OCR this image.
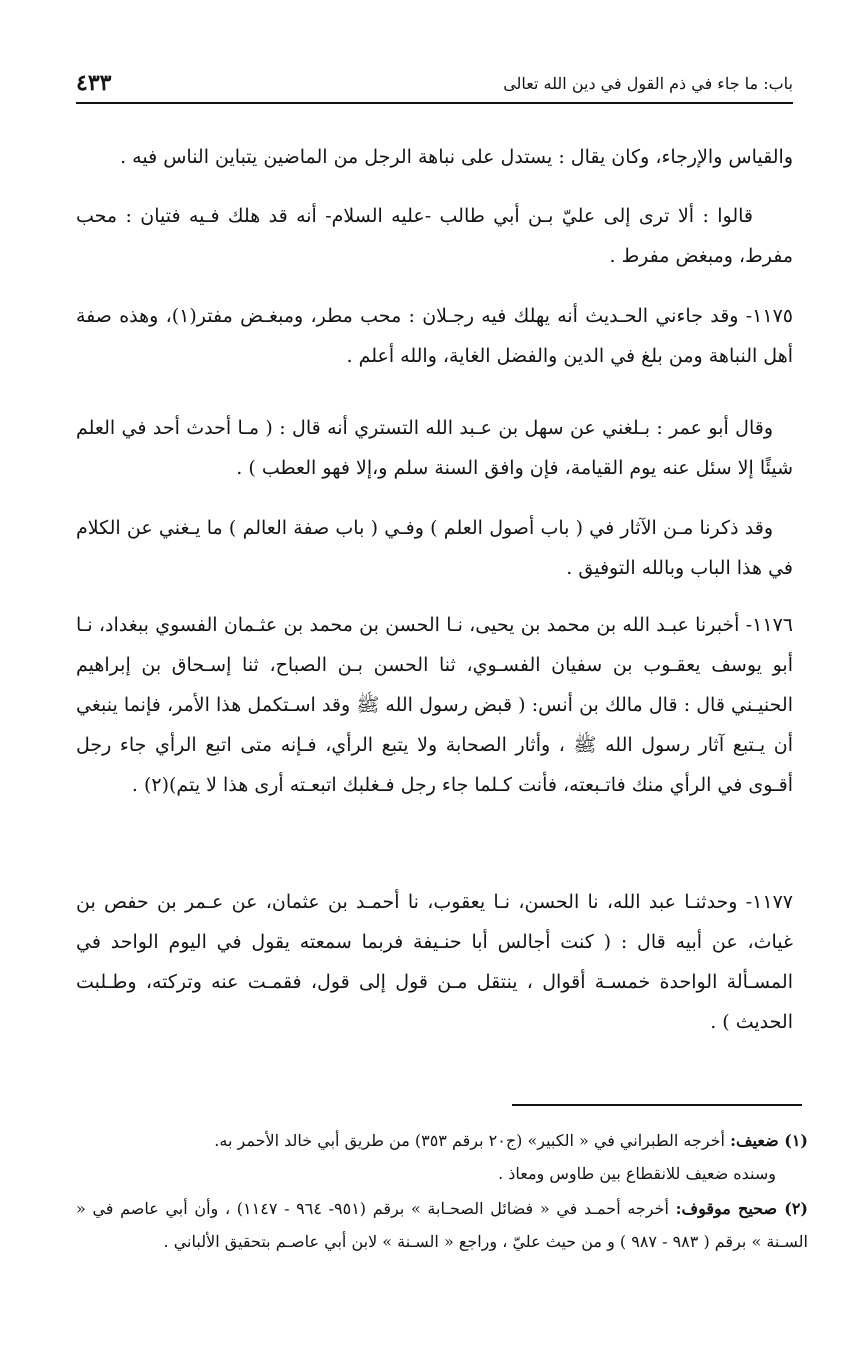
باب: ما جاء في ذم القول في دين الله تعالى
٤٣٣
والقياس والإرجاء، وكان يقال : يستدل على نباهة الرجل من الماضين يتباين الناس فيه .
قالوا : ألا ترى إلى عليّ بـن أبي طالب -عليه السلام- أنه قد هلك فـيه فتيان : محب مفرط، ومبغض مفرط .
١١٧٥- وقد جاءني الحـديث أنه يهلك فيه رجـلان : محب مطر، ومبغـض مفتر(١)، وهذه صفة أهل النباهة ومن بلغ في الدين والفضل الغاية، والله أعلم .
وقال أبو عمر : بـلغني عن سهل بن عـبد الله التستري أنه قال : ( مـا أحدث أحد في العلم شيئًا إلا سئل عنه يوم القيامة، فإن وافق السنة سلم و،إلا فهو العطب ) .
وقد ذكرنا مـن الآثار في ( باب أصول العلم ) وفـي ( باب صفة العالم ) ما يـغني عن الكلام في هذا الباب وبالله التوفيق .
١١٧٦- أخبرنا عبـد الله بن محمد بن يحيى، نـا الحسن بن محمد بن عثـمان الفسوي ببغداد، نـا أبو يوسف يعقـوب بن سفيان الفسـوي، ثنا الحسن بـن الصباح، ثنا إسـحاق بن إبراهيم الحنيـني قال : قال مالك بن أنس: ( قبض رسول الله ﷺ وقد اسـتكمل هذا الأمر، فإنما ينبغي أن يـتبع آثار رسول الله ﷺ ، وأثار الصحابة ولا يتبع الرأي، فـإنه متى اتبع الرأي جاء رجل أقـوى في الرأي منك فاتـبعته، فأنت كـلما جاء رجل فـغلبك اتبعـته أرى هذا لا يتم)(٢) .
١١٧٧- وحدثنـا عبد الله، نا الحسن، نـا يعقوب، نا أحمـد بن عثمان، عن عـمر بن حفص بن غياث، عن أبيه قال : ( كنت أجالس أبا حنـيفة فربما سمعته يقول في اليوم الواحد في المسـألة الواحدة خمسـة أقوال ، ينتقل مـن قول إلى قول، فقمـت عنه وتركته، وطـلبت الحديث ) .
(١) ضعيف: أخرجه الطبراني في « الكبير» (ج٢٠ برقم ٣٥٣) من طريق أبي خالد الأحمر به.
وسنده ضعيف للانقطاع بين طاوس ومعاذ .
(٢) صحيح موقوف: أخرجه أحمـد في « فضائل الصحـابة » برقم (٩٥١- ٩٦٤ - ١١٤٧) ، وأن أبي عاصم في « السـنة » برقم ( ٩٨٣ - ٩٨٧ ) و من حيث عليّ ، وراجع « السـنة » لابن أبي عاصـم بتحقيق الألباني .
